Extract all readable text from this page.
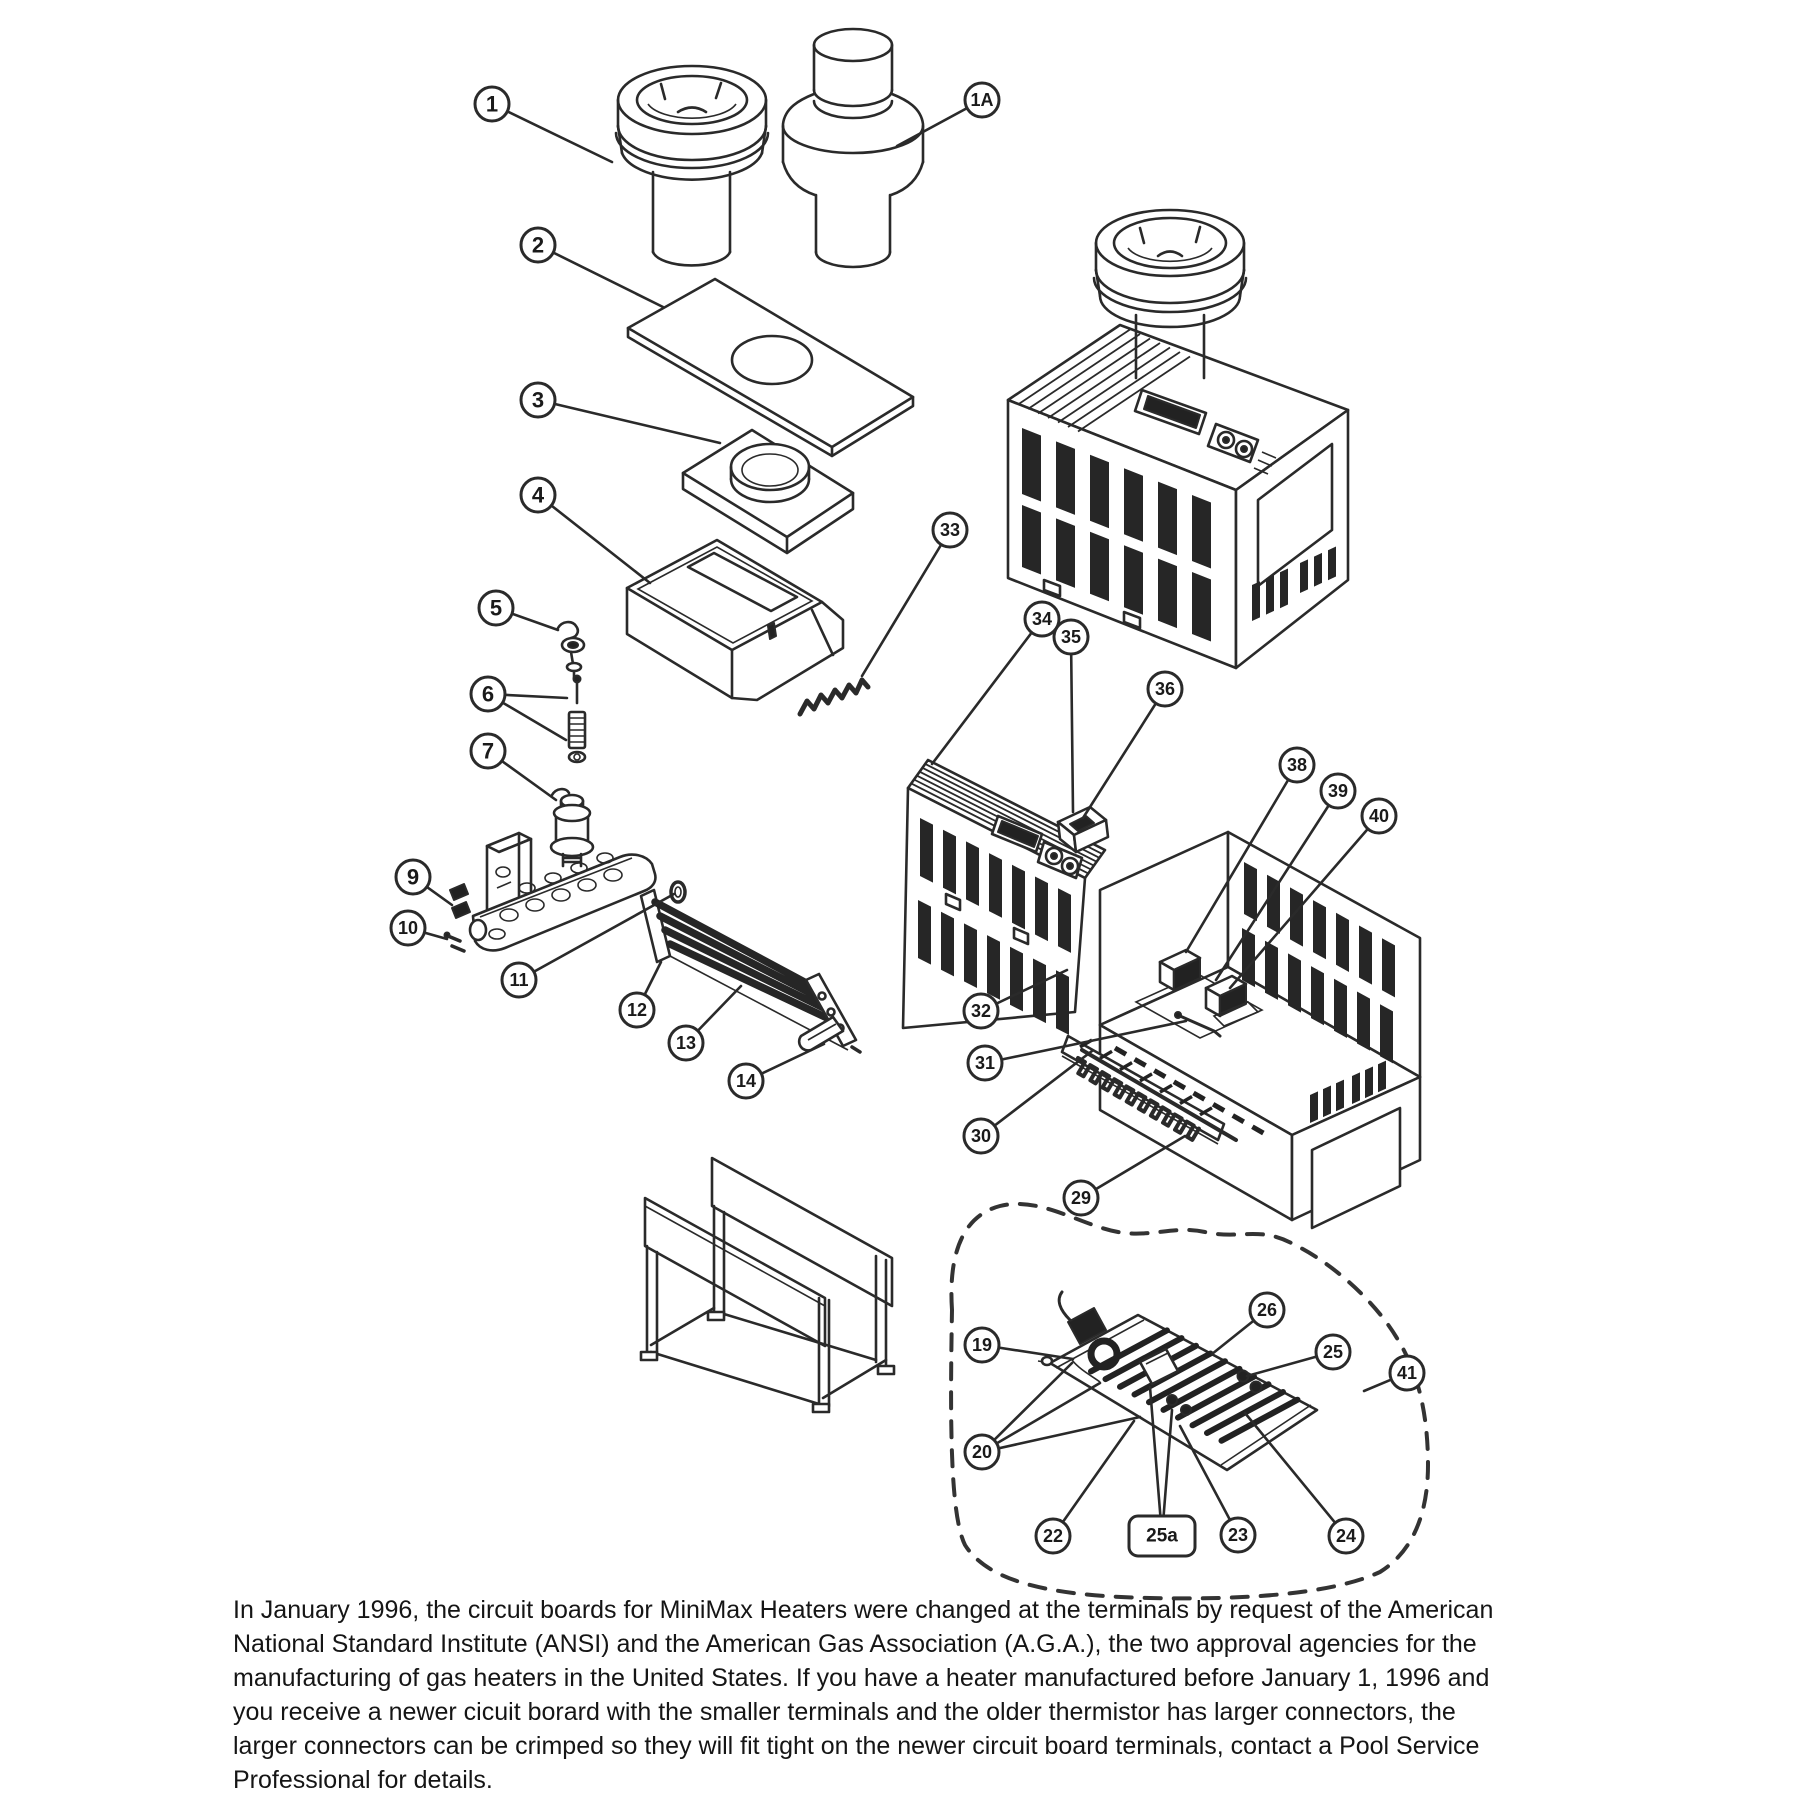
1	1A
2
3
4
5
6
7
9
10
11
12
13
14
33
34
35
36
38
39
40
32
31
30
29
19
20
26
25
41
22	25a	23	24
In January 1996, the circuit boards for MiniMax Heaters were changed at the terminals by request of the American
National Standard Institute (ANSI) and the American Gas Association (A.G.A.), the two approval agencies for the
manufacturing of gas heaters in the United States. If you have a heater manufactured before January 1, 1996 and
you receive a newer cicuit borard with the smaller terminals and the older thermistor has larger connectors, the
larger connectors can be crimped so they will fit tight on the newer circuit board terminals, contact a Pool Service
Professional for details.
